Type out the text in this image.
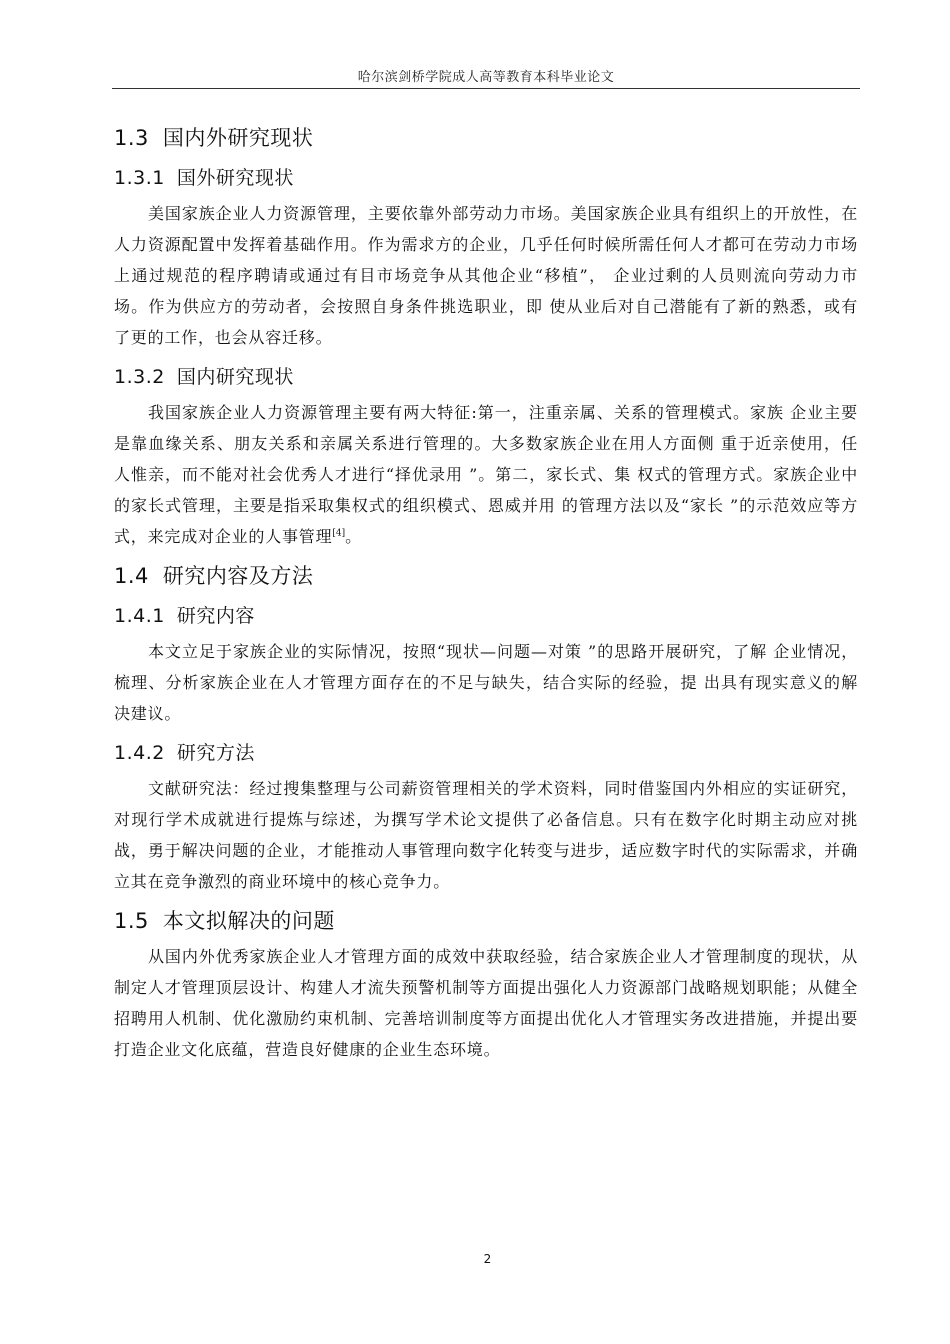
哈尔滨剑桥学院成人高等教育本科毕业论文
1.3 国内外研究现状
1.3.1 国外研究现状

美国家族企业人力资源管理，主要依靠外部劳动力市场。美国家族企业具有组织上的开放性，在人力资源配置中发挥着基础作用。作为需求方的企业，几乎任何时候所需任何人才都可在劳动力市场上通过规范的程序聘请或通过有目市场竞争从其他企业“移植”， 企业过剩的人员则流向劳动力市场。作为供应方的劳动者，会按照自身条件挑选职业，即 使从业后对自己潜能有了新的熟悉，或有了更的工作，也会从容迁移。

1.3.2 国内研究现状

我国家族企业人力资源管理主要有两大特征:第一，注重亲属、关系的管理模式。家族 企业主要是靠血缘关系、朋友关系和亲属关系进行管理的。大多数家族企业在用人方面侧 重于近亲使用，任人惟亲，而不能对社会优秀人才进行“择优录用 ”。第二，家长式、集 权式的管理方式。家族企业中的家长式管理，主要是指采取集权式的组织模式、恩威并用 的管理方法以及“家长 ”的示范效应等方式，来完成对企业的人事管理[4]。

1.4 研究内容及方法
1.4.1 研究内容

本文立足于家族企业的实际情况，按照“现状—问题—对策 ”的思路开展研究，了解 企业情况，梳理、分析家族企业在人才管理方面存在的不足与缺失，结合实际的经验，提 出具有现实意义的解决建议。

1.4.2 研究方法

文献研究法：经过搜集整理与公司薪资管理相关的学术资料，同时借鉴国内外相应的实证研究，对现行学术成就进行提炼与综述，为撰写学术论文提供了必备信息。只有在数字化时期主动应对挑战，勇于解决问题的企业，才能推动人事管理向数字化转变与进步，适应数字时代的实际需求，并确立其在竞争激烈的商业环境中的核心竞争力。

1.5 本文拟解决的问题

从国内外优秀家族企业人才管理方面的成效中获取经验，结合家族企业人才管理制度的现状，从制定人才管理顶层设计、构建人才流失预警机制等方面提出强化人力资源部门战略规划职能；从健全招聘用人机制、优化激励约束机制、完善培训制度等方面提出优化人才管理实务改进措施，并提出要打造企业文化底蕴，营造良好健康的企业生态环境。

2
